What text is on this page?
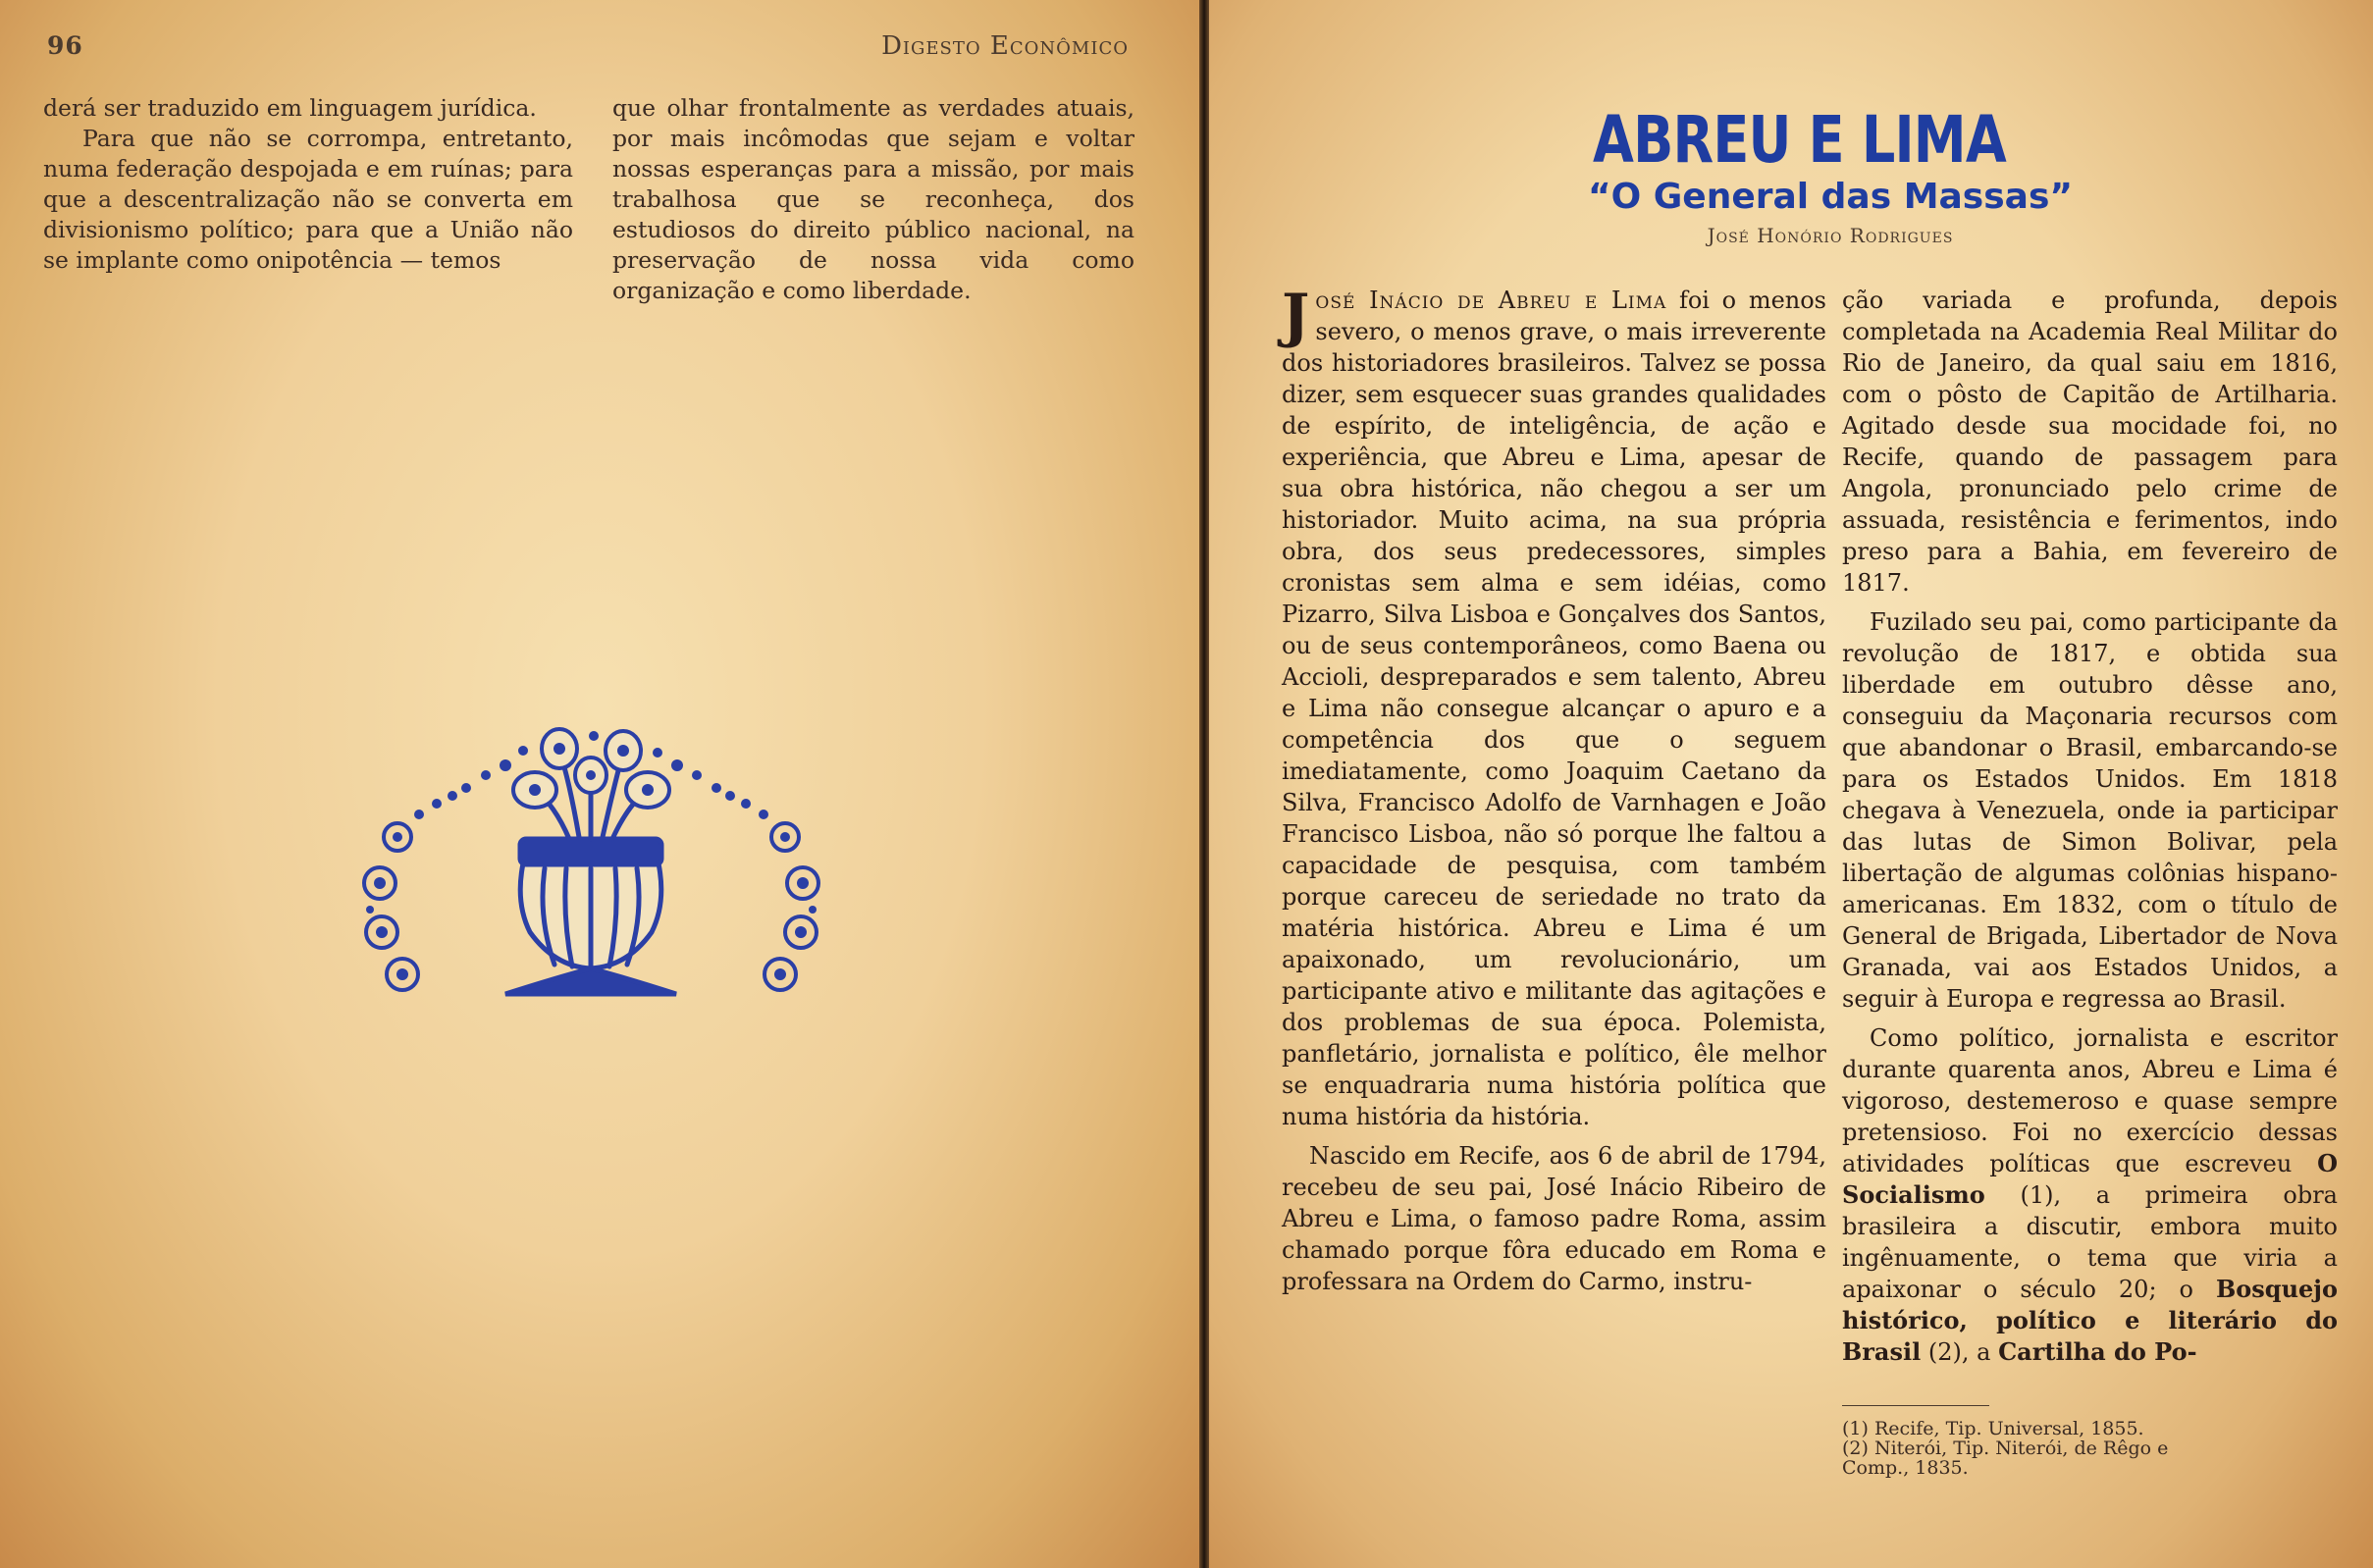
96	Digesto Econômico

derá ser traduzido em linguagem jurídica.

Para que não se corrompa, entretanto, numa federação despojada e em ruínas; para que a descentralização não se converta em divisionismo político; para que a União não se implante como onipotência — temos

que olhar frontalmente as verdades atuais, por mais incômodas que sejam e voltar nossas esperanças para a missão, por mais trabalhosa que se reconheça, dos estudiosos do direito público nacional, na preservação de nossa vida como organização e como liberdade.

ABREU E LIMA
“O General das Massas”
José Honório Rodrigues

José Inácio de Abreu e Lima foi o menos severo, o menos grave, o mais irreverente dos historiadores brasileiros. Talvez se possa dizer, sem esquecer suas grandes qualidades de espírito, de inteligência, de ação e experiência, que Abreu e Lima, apesar de sua obra histórica, não chegou a ser um historiador. Muito acima, na sua própria obra, dos seus predecessores, simples cronistas sem alma e sem idéias, como Pizarro, Silva Lisboa e Gonçalves dos Santos, ou de seus contemporâneos, como Baena ou Accioli, despreparados e sem talento, Abreu e Lima não consegue alcançar o apuro e a competência dos que o seguem imediatamente, como Joaquim Caetano da Silva, Francisco Adolfo de Varnhagen e João Francisco Lisboa, não só porque lhe faltou a capacidade de pesquisa, com também porque careceu de seriedade no trato da matéria histórica. Abreu e Lima é um apaixonado, um revolucionário, um participante ativo e militante das agitações e dos problemas de sua época. Polemista, panfletário, jornalista e político, êle melhor se enquadraria numa história política que numa história da história.

Nascido em Recife, aos 6 de abril de 1794, recebeu de seu pai, José Inácio Ribeiro de Abreu e Lima, o famoso padre Roma, assim chamado porque fôra educado em Roma e professara na Ordem do Carmo, instru-

ção variada e profunda, depois completada na Academia Real Militar do Rio de Janeiro, da qual saiu em 1816, com o pôsto de Capitão de Artilharia. Agitado desde sua mocidade foi, no Recife, quando de passagem para Angola, pronunciado pelo crime de assuada, resistência e ferimentos, indo preso para a Bahia, em fevereiro de 1817.

Fuzilado seu pai, como participante da revolução de 1817, e obtida sua liberdade em outubro dêsse ano, conseguiu da Maçonaria recursos com que abandonar o Brasil, embarcando-se para os Estados Unidos. Em 1818 chegava à Venezuela, onde ia participar das lutas de Simon Bolivar, pela libertação de algumas colônias hispano-americanas. Em 1832, com o título de General de Brigada, Libertador de Nova Granada, vai aos Estados Unidos, a seguir à Europa e regressa ao Brasil.

Como político, jornalista e escritor durante quarenta anos, Abreu e Lima é vigoroso, destemeroso e quase sempre pretensioso. Foi no exercício dessas atividades políticas que escreveu O Socialismo (1), a primeira obra brasileira a discutir, embora muito ingênuamente, o tema que viria a apaixonar o século 20; o Bosquejo histórico, político e literário do Brasil (2), a Cartilha do Po-

(1) Recife, Tip. Universal, 1855.
(2) Niterói, Tip. Niterói, de Rêgo e
Comp., 1835.
